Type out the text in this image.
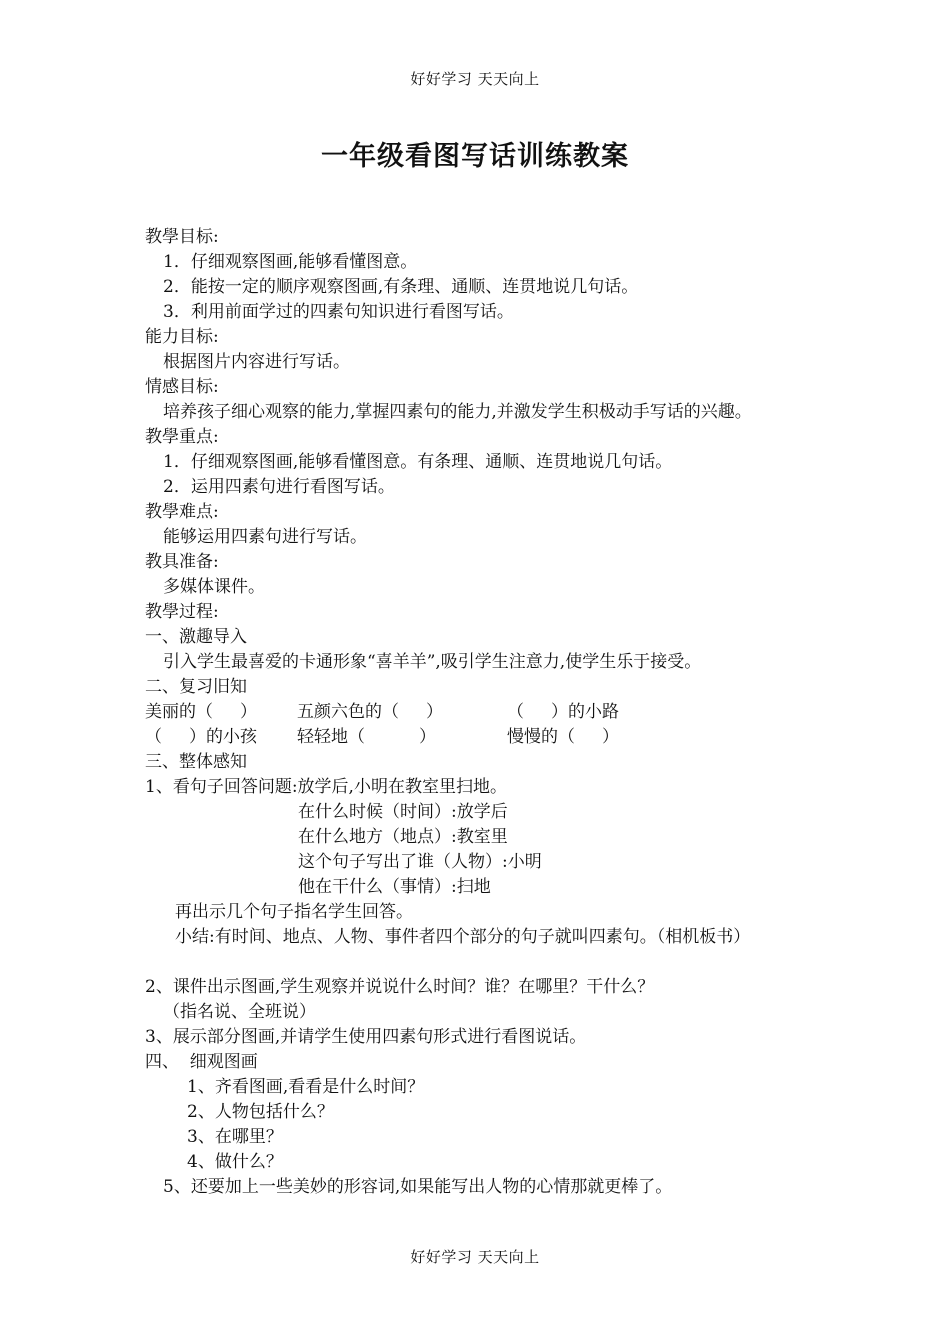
好好学习 天天向上
一年级看图写话训练教案

教學目标:

1．仔细观察图画,能够看懂图意。

2．能按一定的顺序观察图画,有条理、通顺、连贯地说几句话。

3．利用前面学过的四素句知识进行看图写话。

能力目标:

根据图片内容进行写话。

情感目标:

培养孩子细心观察的能力,掌握四素句的能力,并激发学生积极动手写话的兴趣。

教學重点:

1．仔细观察图画,能够看懂图意。有条理、通顺、连贯地说几句话。

2．运用四素句进行看图写话。

教學难点:

能够运用四素句进行写话。

教具准备:

多媒体课件。

教學过程:

一、激趣导入

引入学生最喜爱的卡通形象“喜羊羊”,吸引学生注意力,使学生乐于接受。

二、复习旧知

美丽的（     ）	五颜六色的（     ）	（     ）的小路
（     ）的小孩	轻轻地（          ）	慢慢的（     ）

三、整体感知

1、看句子回答问题:放学后,小明在教室里扫地。

在什么时候（时间）:放学后

在什么地方（地点）:教室里

这个句子写出了谁（人物）:小明

他在干什么（事情）:扫地

再出示几个句子指名学生回答。

小结:有时间、地点、人物、事件者四个部分的句子就叫四素句。（相机板书）

2、课件出示图画,学生观察并说说什么时间？谁？在哪里？干什么？

（指名说、全班说）

3、展示部分图画,并请学生使用四素句形式进行看图说话。

四、  细观图画

1、齐看图画,看看是什么时间？

2、人物包括什么？

3、在哪里？

4、做什么？

5、还要加上一些美妙的形容词,如果能写出人物的心情那就更棒了。

好好学习 天天向上
